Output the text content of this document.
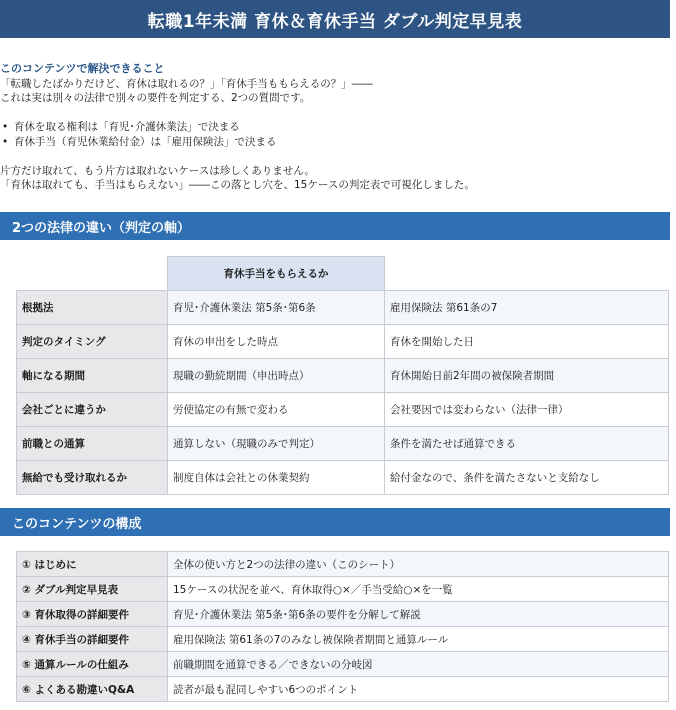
転職1年未満 育休＆育休手当 ダブル判定早見表
このコンテンツで解決できること
「転職したばかりだけど、育休は取れるの？」「育休手当ももらえるの？」――
これは実は別々の法律で別々の要件を判定する、2つの質問です。
• 育休を取る権利は「育児･介護休業法」で決まる
• 育休手当（育児休業給付金）は「雇用保険法」で決まる
片方だけ取れて、もう片方は取れないケースは珍しくありません。
「育休は取れても、手当はもらえない」――この落とし穴を、15ケースの判定表で可視化しました。
2つの法律の違い（判定の軸）
	育休手当をもらえるか	
根拠法	育児･介護休業法 第5条･第6条	雇用保険法 第61条の7
判定のタイミング	育休の申出をした時点	育休を開始した日
軸になる期間	現職の勤続期間（申出時点）	育休開始日前2年間の被保険者期間
会社ごとに違うか	労使協定の有無で変わる	会社要因では変わらない（法律一律）
前職との通算	通算しない（現職のみで判定）	条件を満たせば通算できる
無給でも受け取れるか	制度自体は会社との休業契約	給付金なので、条件を満たさないと支給なし
このコンテンツの構成
① はじめに	全体の使い方と2つの法律の違い（このシート）
② ダブル判定早見表	15ケースの状況を並べ、育休取得○×／手当受給○×を一覧
③ 育休取得の詳細要件	育児･介護休業法 第5条･第6条の要件を分解して解説
④ 育休手当の詳細要件	雇用保険法 第61条の7のみなし被保険者期間と通算ルール
⑤ 通算ルールの仕組み	前職期間を通算できる／できないの分岐図
⑥ よくある勘違いQ&A	読者が最も混同しやすい6つのポイント
